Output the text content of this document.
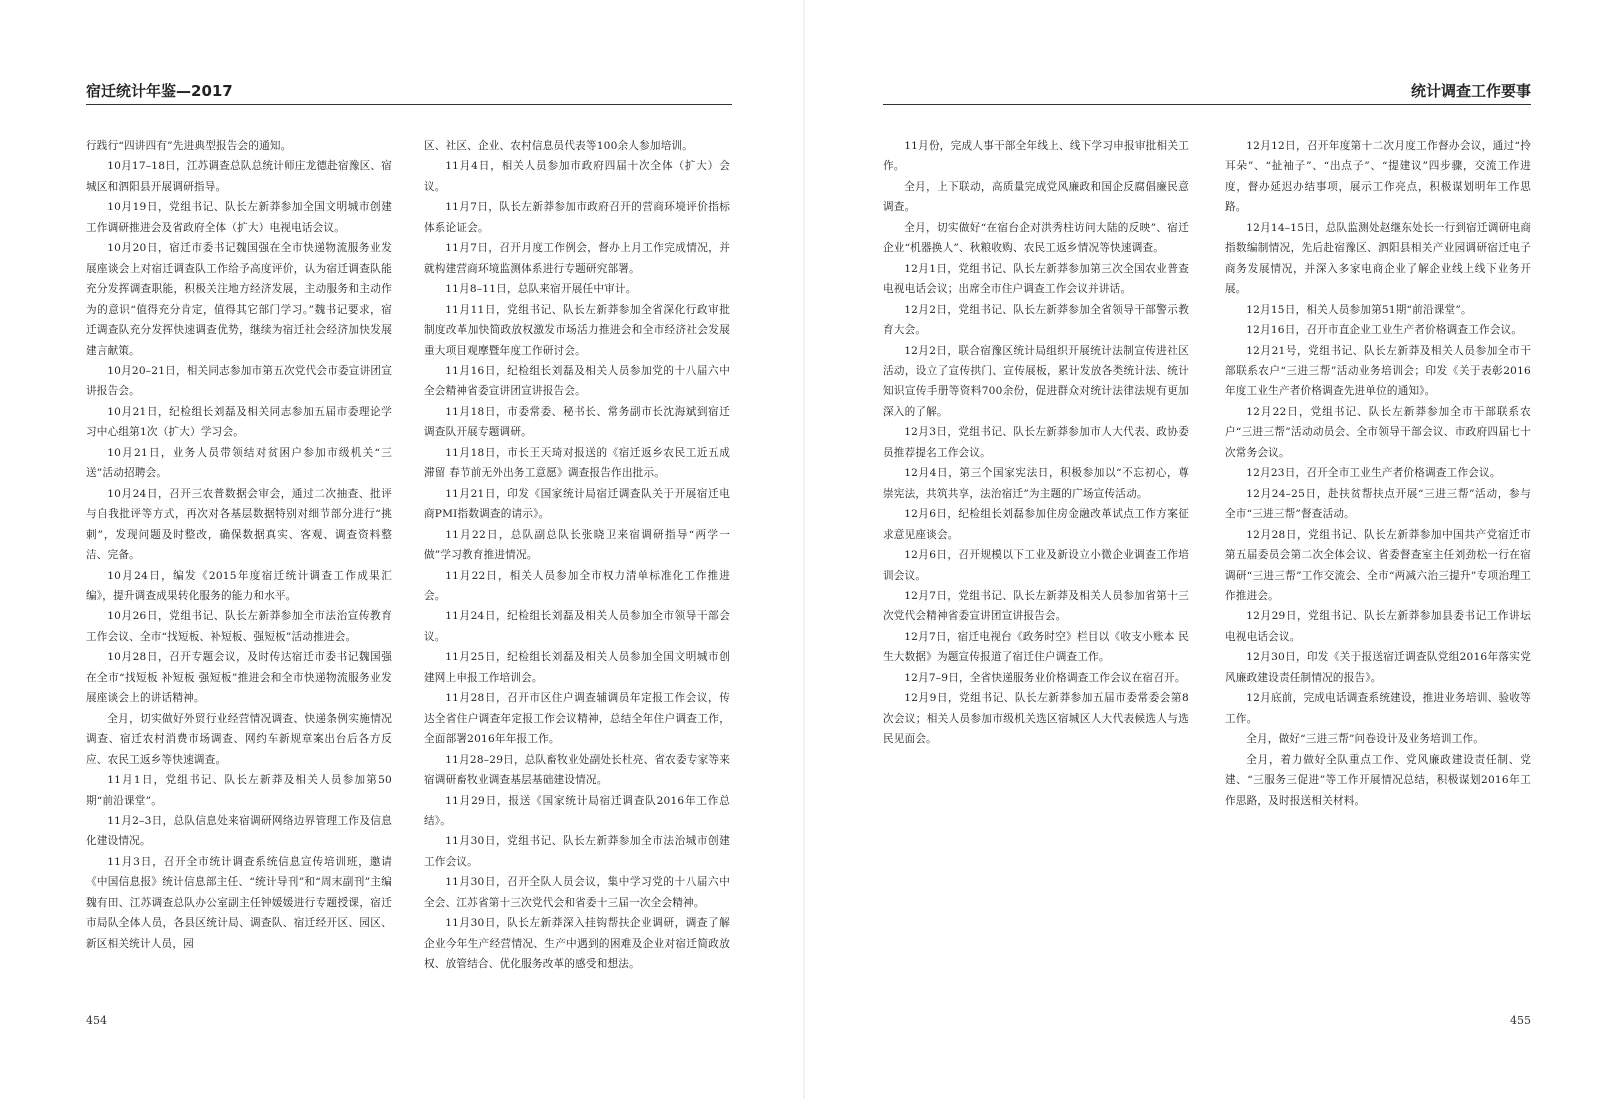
宿迁统计年鉴—2017

行践行“四讲四有”先进典型报告会的通知。

10月17–18日，江苏调查总队总统计师庄龙德赴宿豫区、宿城区和泗阳县开展调研指导。

10月19日，党组书记、队长左新莽参加全国文明城市创建工作调研推进会及省政府全体（扩大）电视电话会议。

10月20日，宿迁市委书记魏国强在全市快递物流服务业发展座谈会上对宿迁调查队工作给予高度评价，认为宿迁调查队能充分发挥调查职能，积极关注地方经济发展，主动服务和主动作为的意识“值得充分肯定，值得其它部门学习。”魏书记要求，宿迁调查队充分发挥快速调查优势，继续为宿迁社会经济加快发展建言献策。

10月20–21日，相关同志参加市第五次党代会市委宣讲团宣讲报告会。

10月21日，纪检组长刘磊及相关同志参加五届市委理论学习中心组第1次（扩大）学习会。

10月21日，业务人员带领结对贫困户参加市级机关“三送”活动招聘会。

10月24日，召开三农普数据会审会，通过二次抽查、批评与自我批评等方式，再次对各基层数据特别对细节部分进行“挑刺”，发现问题及时整改，确保数据真实、客观、调查资料整洁、完备。

10月24日，编发《2015年度宿迁统计调查工作成果汇编》，提升调查成果转化服务的能力和水平。

10月26日，党组书记、队长左新莽参加全市法治宣传教育工作会议、全市“找短板、补短板、强短板”活动推进会。

10月28日，召开专题会议，及时传达宿迁市委书记魏国强在全市“找短板 补短板 强短板”推进会和全市快递物流服务业发展座谈会上的讲话精神。

全月，切实做好外贸行业经营情况调查、快递条例实施情况调查、宿迁农村消费市场调查、网约车新规章案出台后各方反应、农民工返乡等快速调查。

11月1日，党组书记、队长左新莽及相关人员参加第50期“前沿课堂”。

11月2–3日，总队信息处来宿调研网络边界管理工作及信息化建设情况。

11月3日，召开全市统计调查系统信息宣传培训班，邀请《中国信息报》统计信息部主任、“统计导刊”和“周末副刊”主编魏有田、江苏调查总队办公室副主任钟媛媛进行专题授课，宿迁市局队全体人员，各县区统计局、调查队、宿迁经开区、园区、新区相关统计人员，园

区、社区、企业、农村信息员代表等100余人参加培训。

11月4日，相关人员参加市政府四届十次全体（扩大）会议。

11月7日，队长左新莽参加市政府召开的营商环境评价指标体系论证会。

11月7日，召开月度工作例会，督办上月工作完成情况，并就构建营商环境监测体系进行专题研究部署。

11月8–11日，总队来宿开展任中审计。

11月11日，党组书记、队长左新莽参加全省深化行政审批制度改革加快简政放权激发市场活力推进会和全市经济社会发展重大项目观摩暨年度工作研讨会。

11月16日，纪检组长刘磊及相关人员参加党的十八届六中全会精神省委宣讲团宣讲报告会。

11月18日，市委常委、秘书长、常务副市长沈海斌到宿迁调查队开展专题调研。

11月18日，市长王天琦对报送的《宿迁返乡农民工近五成滞留 春节前无外出务工意愿》调查报告作出批示。

11月21日，印发《国家统计局宿迁调查队关于开展宿迁电商PMI指数调查的请示》。

11月22日，总队副总队长张晓卫来宿调研指导“两学一做”学习教育推进情况。

11月22日，相关人员参加全市权力清单标准化工作推进会。

11月24日，纪检组长刘磊及相关人员参加全市领导干部会议。

11月25日，纪检组长刘磊及相关人员参加全国文明城市创建网上申报工作培训会。

11月28日，召开市区住户调查辅调员年定报工作会议，传达全省住户调查年定报工作会议精神，总结全年住户调查工作，全面部署2016年年报工作。

11月28–29日，总队畜牧业处副处长杜亮、省农委专家等来宿调研畜牧业调查基层基础建设情况。

11月29日，报送《国家统计局宿迁调查队2016年工作总结》。

11月30日，党组书记、队长左新莽参加全市法治城市创建工作会议。

11月30日，召开全队人员会议，集中学习党的十八届六中全会、江苏省第十三次党代会和省委十三届一次全会精神。

11月30日，队长左新莽深入挂钩帮扶企业调研，调查了解企业今年生产经营情况、生产中遇到的困难及企业对宿迁简政放权、放管结合、优化服务改革的感受和想法。

454
统计调查工作要事

11月份，完成人事干部全年线上、线下学习申报审批相关工作。

全月，上下联动，高质量完成党风廉政和国企反腐倡廉民意调查。

全月，切实做好“在宿台企对洪秀柱访问大陆的反映”、宿迁企业“机器换人”、秋粮收购、农民工返乡情况等快速调查。

12月1日，党组书记、队长左新莽参加第三次全国农业普查电视电话会议；出席全市住户调查工作会议并讲话。

12月2日，党组书记、队长左新莽参加全省领导干部警示教育大会。

12月2日，联合宿豫区统计局组织开展统计法制宣传进社区活动，设立了宣传拱门、宣传展板，累计发放各类统计法、统计知识宣传手册等资料700余份，促进群众对统计法律法规有更加深入的了解。

12月3日，党组书记、队长左新莽参加市人大代表、政协委员推荐提名工作会议。

12月4日，第三个国家宪法日，积极参加以“不忘初心，尊崇宪法，共筑共享，法治宿迁”为主题的广场宣传活动。

12月6日，纪检组长刘磊参加住房金融改革试点工作方案征求意见座谈会。

12月6日，召开规模以下工业及新设立小微企业调查工作培训会议。

12月7日，党组书记、队长左新莽及相关人员参加省第十三次党代会精神省委宣讲团宣讲报告会。

12月7日，宿迁电视台《政务时空》栏目以《收支小账本 民生大数据》为题宣传报道了宿迁住户调查工作。

12月7–9日，全省快递服务业价格调查工作会议在宿召开。

12月9日，党组书记、队长左新莽参加五届市委常委会第8次会议；相关人员参加市级机关选区宿城区人大代表候选人与选民见面会。

12月12日，召开年度第十二次月度工作督办会议，通过“拎耳朵”、“扯袖子”、“出点子”、“提建议”四步骤，交流工作进度，督办延迟办结事项，展示工作亮点，积极谋划明年工作思路。

12月14–15日，总队监测处赵继东处长一行到宿迁调研电商指数编制情况，先后赴宿豫区、泗阳县相关产业园调研宿迁电子商务发展情况，并深入多家电商企业了解企业线上线下业务开展。

12月15日，相关人员参加第51期“前沿课堂”。

12月16日，召开市直企业工业生产者价格调查工作会议。

12月21号，党组书记、队长左新莽及相关人员参加全市干部联系农户“三进三帮”活动业务培训会；印发《关于表彰2016年度工业生产者价格调查先进单位的通知》。

12月22日，党组书记、队长左新莽参加全市干部联系农户“三进三帮”活动动员会、全市领导干部会议、市政府四届七十次常务会议。

12月23日，召开全市工业生产者价格调查工作会议。

12月24–25日，赴扶贫帮扶点开展“三进三帮”活动，参与全市“三进三帮”督查活动。

12月28日，党组书记、队长左新莽参加中国共产党宿迁市第五届委员会第二次全体会议、省委督查室主任刘劲松一行在宿调研“三进三帮”工作交流会、全市“两减六治三提升”专项治理工作推进会。

12月29日，党组书记、队长左新莽参加县委书记工作讲坛电视电话会议。

12月30日，印发《关于报送宿迁调查队党组2016年落实党风廉政建设责任制情况的报告》。

12月底前，完成电话调查系统建设，推进业务培训、验收等工作。

全月，做好“三进三帮”问卷设计及业务培训工作。

全月，着力做好全队重点工作、党风廉政建设责任制、党建、“三服务三促进”等工作开展情况总结，积极谋划2016年工作思路，及时报送相关材料。

455
